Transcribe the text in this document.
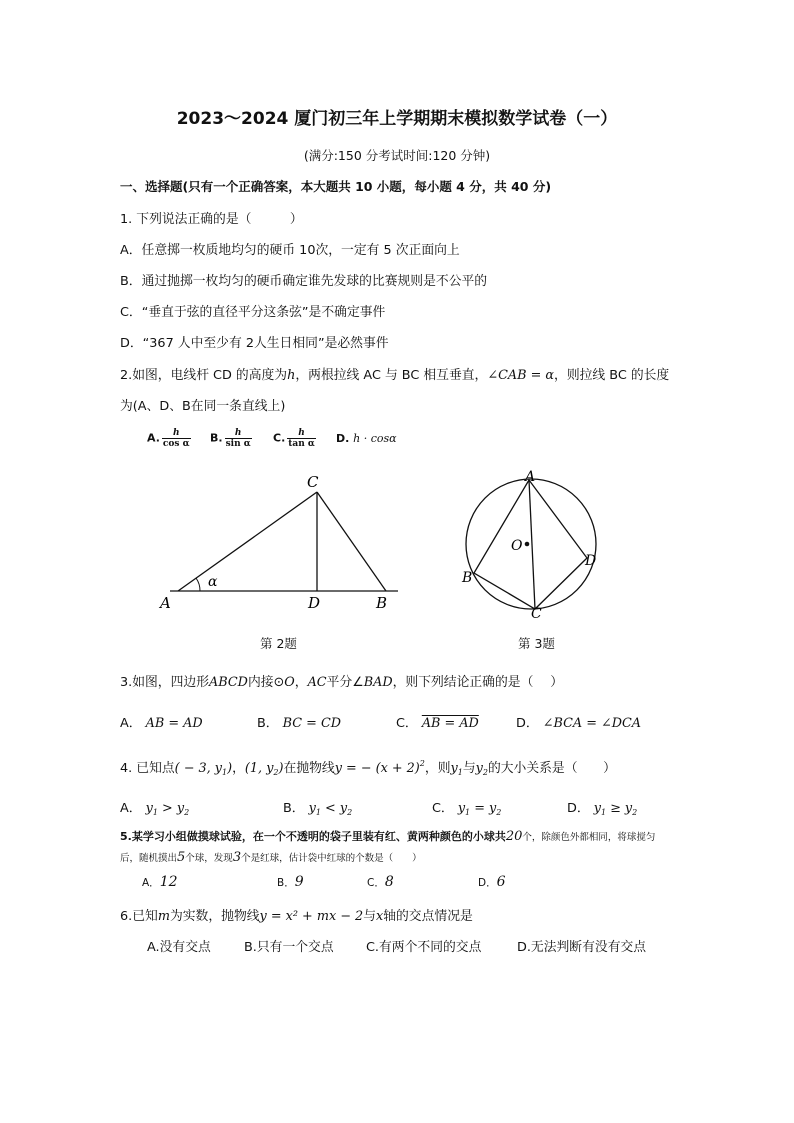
2023～2024 厦门初三年上学期期末模拟数学试卷（一）
(满分:150 分考试时间:120 分钟)
一、选择题(只有一个正确答案，本大题共 10 小题，每小题 4 分，共 40 分)
1. 下列说法正确的是（　　　）
A．任意掷一枚质地均匀的硬币 10次，一定有 5 次正面向上
B．通过抛掷一枚均匀的硬币确定谁先发球的比赛规则是不公平的
C．“垂直于弦的直径平分这条弦”是不确定事件
D．“367 人中至少有 2人生日相同”是必然事件
2.如图，电线杆 CD 的高度为h，两根拉线 AC 与 BC 相互垂直，∠CAB = α，则拉线 BC 的长度
为(A、D、B在同一条直线上)
A. $\frac{h}{\text{cos α}} B$. $\frac{h}{\text{sin α}} C$. $\frac{h}{\text{tan α}} D$. h · cosα
C
A	D	B
α
A
B
C
D
O
第 2题	第 3题
3.如图，四边形ABCD内接⊙O，AC平分∠BAD，则下列结论正确的是（　 ）
A． AB = AD	B． BC = CD	C． AB = AD	D． ∠BCA = ∠DCA
4. 已知点( − 3, $y_1$)，(1, $y_2$)在抛物线y = − $(x + 2)^2$，则$y_1$与$y_2$的大小关系是（　　）
A． $y_1 > y_2$	B． $y_1 < y_2$	C． $y_1 = y_2$	D． $y_1 \ge y_2$
5.某学习小组做摸球试验，在一个不透明的袋子里装有红、黄两种颜色的小球共20个，除颜色外都相同，将球搅匀
后，随机摸出5个球，发现3个是红球，估计袋中红球的个数是（　　）
A．12	B．9	C．8	D．6
6.已知m为实数，抛物线y = x² + mx − 2与x轴的交点情况是
A.没有交点	B.只有一个交点	C.有两个不同的交点	D.无法判断有没有交点
